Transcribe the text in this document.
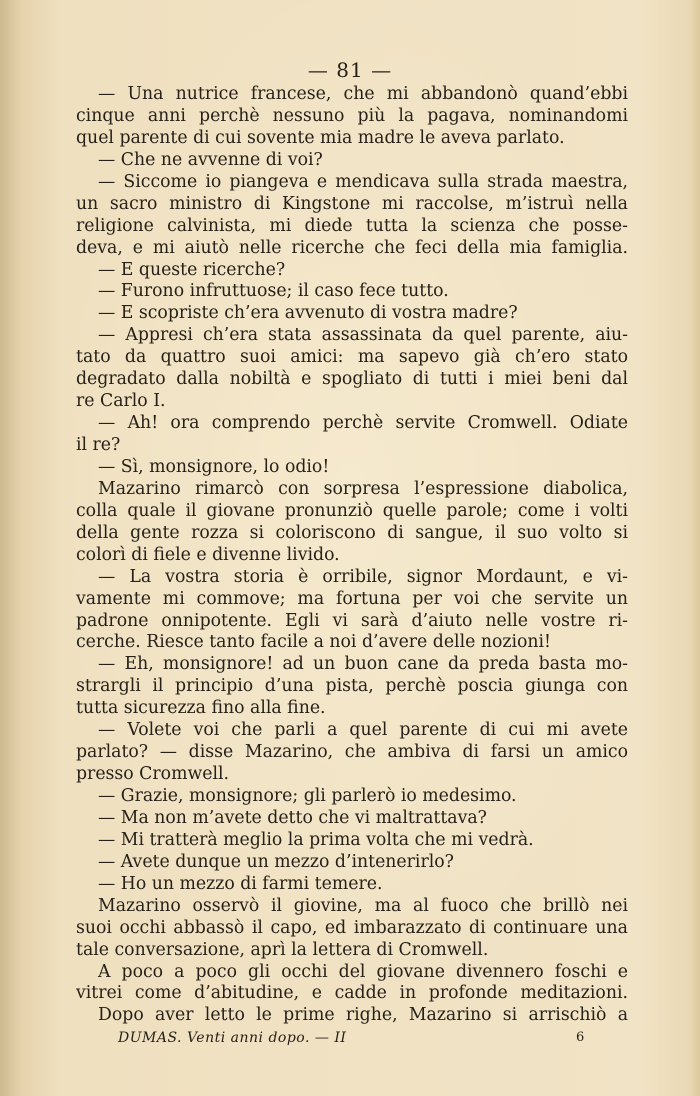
— 81 —
— Una nutrice francese, che mi abbandonò quand’ebbi
cinque anni perchè nessuno più la pagava, nominandomi
quel parente di cui sovente mia madre le aveva parlato.
— Che ne avvenne di voi?
— Siccome io piangeva e mendicava sulla strada maestra,
un sacro ministro di Kingstone mi raccolse, m’istruì nella
religione calvinista, mi diede tutta la scienza che posse-
deva, e mi aiutò nelle ricerche che feci della mia famiglia.
— E queste ricerche?
— Furono infruttuose; il caso fece tutto.
— E scopriste ch’era avvenuto di vostra madre?
— Appresi ch’era stata assassinata da quel parente, aiu-
tato da quattro suoi amici: ma sapevo già ch’ero stato
degradato dalla nobiltà e spogliato di tutti i miei beni dal
re Carlo I.
— Ah! ora comprendo perchè servite Cromwell. Odiate
il re?
— Sì, monsignore, lo odio!
Mazarino rimarcò con sorpresa l’espressione diabolica,
colla quale il giovane pronunziò quelle parole; come i volti
della gente rozza si coloriscono di sangue, il suo volto si
colorì di fiele e divenne livido.
— La vostra storia è orribile, signor Mordaunt, e vi-
vamente mi commove; ma fortuna per voi che servite un
padrone onnipotente. Egli vi sarà d’aiuto nelle vostre ri-
cerche. Riesce tanto facile a noi d’avere delle nozioni!
— Eh, monsignore! ad un buon cane da preda basta mo-
strargli il principio d’una pista, perchè poscia giunga con
tutta sicurezza fino alla fine.
— Volete voi che parli a quel parente di cui mi avete
parlato? — disse Mazarino, che ambiva di farsi un amico
presso Cromwell.
— Grazie, monsignore; gli parlerò io medesimo.
— Ma non m’avete detto che vi maltrattava?
— Mi tratterà meglio la prima volta che mi vedrà.
— Avete dunque un mezzo d’intenerirlo?
— Ho un mezzo di farmi temere.
Mazarino osservò il giovine, ma al fuoco che brillò nei
suoi occhi abbassò il capo, ed imbarazzato di continuare una
tale conversazione, aprì la lettera di Cromwell.
A poco a poco gli occhi del giovane divennero foschi e
vitrei come d’abitudine, e cadde in profonde meditazioni.
Dopo aver letto le prime righe, Mazarino si arrischiò a
DUMAS. Venti anni dopo. — II	6
